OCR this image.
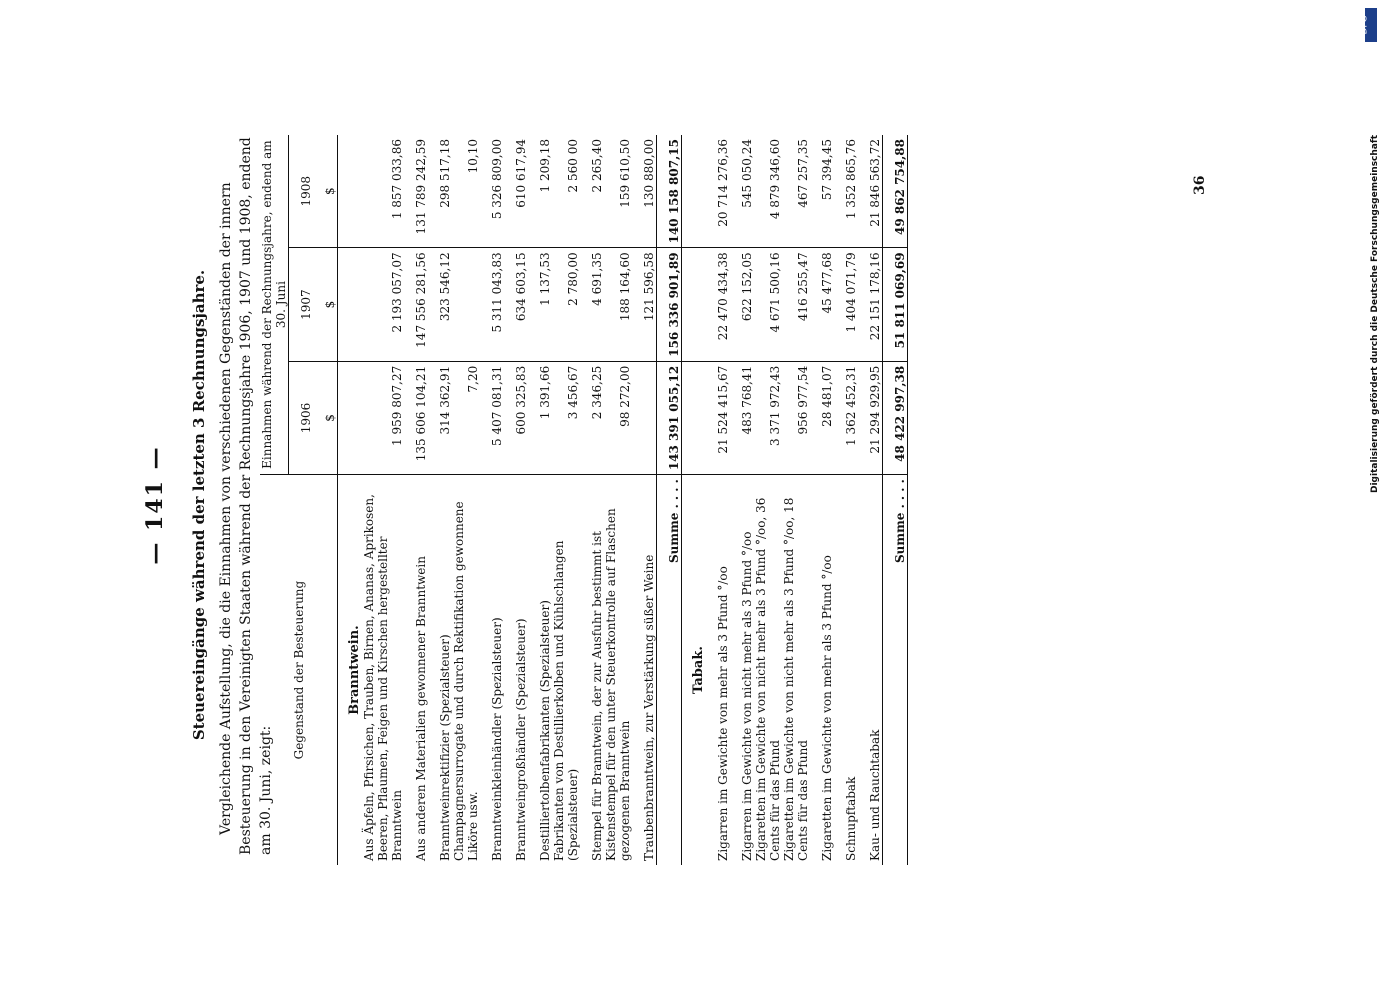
— 141 — Steuereingänge während der letzten 3 Rechnungsjahre. Vergleichende Aufstellung, die die Einnahmen von verschiedenen Gegenständen der innern Besteuerung in den Vereinigten Staaten während der Rechnungsjahre 1906, 1907 und 1908, endend am 30. Juni, zeigt:
Gegenstand der Besteuerung	Einnahmen während der Rechnungsjahre, endend am 30. Juni		
	1906	1907	1908
	$	$	$
Branntwein.			
Aus Äpfeln, Pfirsichen, Trauben, Birnen, Ananas, Aprikosen, Beeren, Pflaumen, Feigen und Kirschen hergestellter Branntwein	1 959 807,27	2 193 057,07	1 857 033,86
Aus anderen Materialien gewonnener Branntwein	135 606 104,21	147 556 281,56	131 789 242,59
Branntweinrektifizier (Spezialsteuer)	314 362,91	323 546,12	298 517,18
Champagnersurrogate und durch Rektifikation gewonnene Liköre usw.	7,20		10,10
Branntweinkleinhändler (Spezialsteuer)	5 407 081,31	5 311 043,83	5 326 809,00
Branntweingroßhändler (Spezialsteuer)	600 325,83	634 603,15	610 617,94
Destilliertolbenfabrikanten (Spezialsteuer)	1 391,66	1 137,53	1 209,18
Fabrikanten von Destillierkolben und Kühlschlangen (Spezialsteuer)	3 456,67	2 780,00	2 560 00
Stempel für Branntwein, der zur Ausfuhr bestimmt ist	2 346,25	4 691,35	2 265,40
Kistenstempel für den unter Steuerkontrolle auf Flaschen gezogenen Branntwein	98 272,00	188 164,60	159 610,50
Traubenbranntwein, zur Verstärkung süßer Weine		121 596,58	130 880,00
Summe . . . .	143 391 055,12	156 336 901,89	140 158 807,15
Tabak.			
Zigarren im Gewichte von mehr als 3 Pfund °/oo	21 524 415,67	22 470 434,38	20 714 276,36
Zigarren im Gewichte von nicht mehr als 3 Pfund °/oo	483 768,41	622 152,05	545 050,24
Zigaretten im Gewichte von nicht mehr als 3 Pfund °/oo, 36 Cents für das Pfund	3 371 972,43	4 671 500,16	4 879 346,60
Zigaretten im Gewichte von nicht mehr als 3 Pfund °/oo, 18 Cents für das Pfund	956 977,54	416 255,47	467 257,35
Zigaretten im Gewichte von mehr als 3 Pfund °/oo	28 481,07	45 477,68	57 394,45
Schnupftabak	1 362 452,31	1 404 071,79	1 352 865,76
Kau- und Rauchtabak	21 294 929,95	22 151 178,16	21 846 563,72
Summe . . . .	48 422 997,38	51 811 069,69	49 862 754,88	36
DFG
Digitalisierung gefördert durch die Deutsche Forschungsgemeinschaft
